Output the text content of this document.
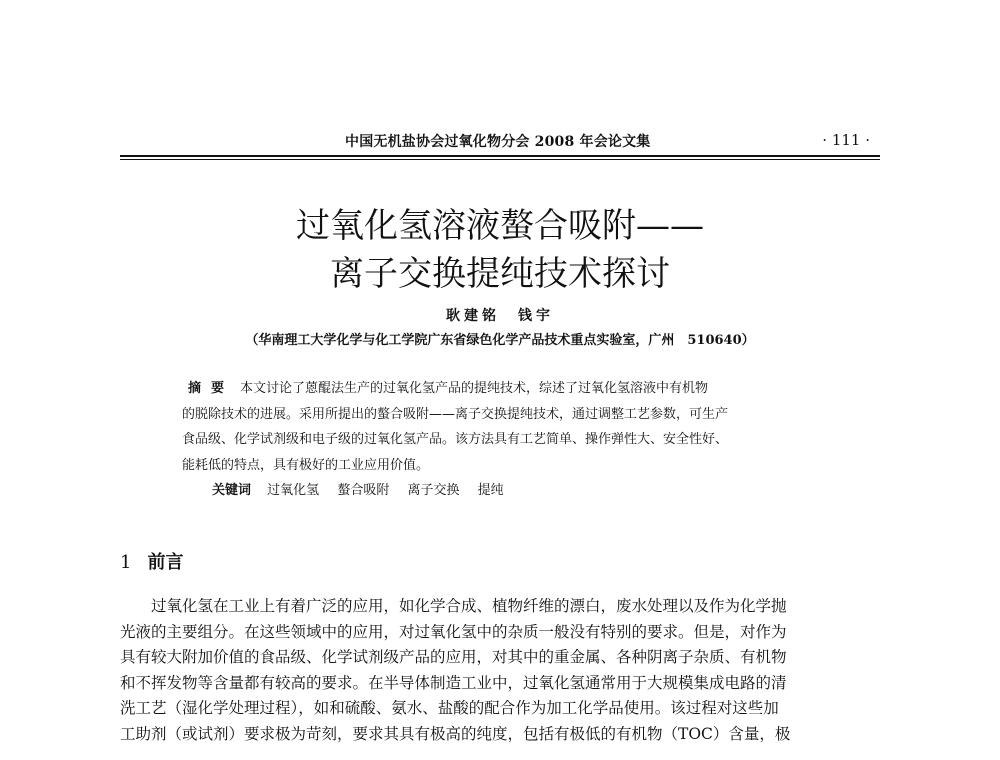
中国无机盐协会过氧化物分会 2008 年会论文集	· 111 ·
过氧化氢溶液螯合吸附——
离子交换提纯技术探讨
耿建铭　钱宇
（华南理工大学化学与化工学院广东省绿色化学产品技术重点实验室，广州　510640）
摘要 本文讨论了蒽醌法生产的过氧化氢产品的提纯技术，综述了过氧化氢溶液中有机物
的脱除技术的进展。采用所提出的螯合吸附——离子交换提纯技术，通过调整工艺参数，可生产
食品级、化学试剂级和电子级的过氧化氢产品。该方法具有工艺简单、操作弹性大、安全性好、
能耗低的特点，具有极好的工业应用价值。
关键词 过氧化氢 螯合吸附 离子交换 提纯
1 前言
过氧化氢在工业上有着广泛的应用，如化学合成、植物纤维的漂白，废水处理以及作为化学抛
光液的主要组分。在这些领域中的应用，对过氧化氢中的杂质一般没有特别的要求。但是，对作为
具有较大附加价值的食品级、化学试剂级产品的应用，对其中的重金属、各种阴离子杂质、有机物
和不挥发物等含量都有较高的要求。在半导体制造工业中，过氧化氢通常用于大规模集成电路的清
洗工艺（湿化学处理过程），如和硫酸、氨水、盐酸的配合作为加工化学品使用。该过程对这些加
工助剂（或试剂）要求极为苛刻，要求其具有极高的纯度，包括有极低的有机物（TOC）含量，极
